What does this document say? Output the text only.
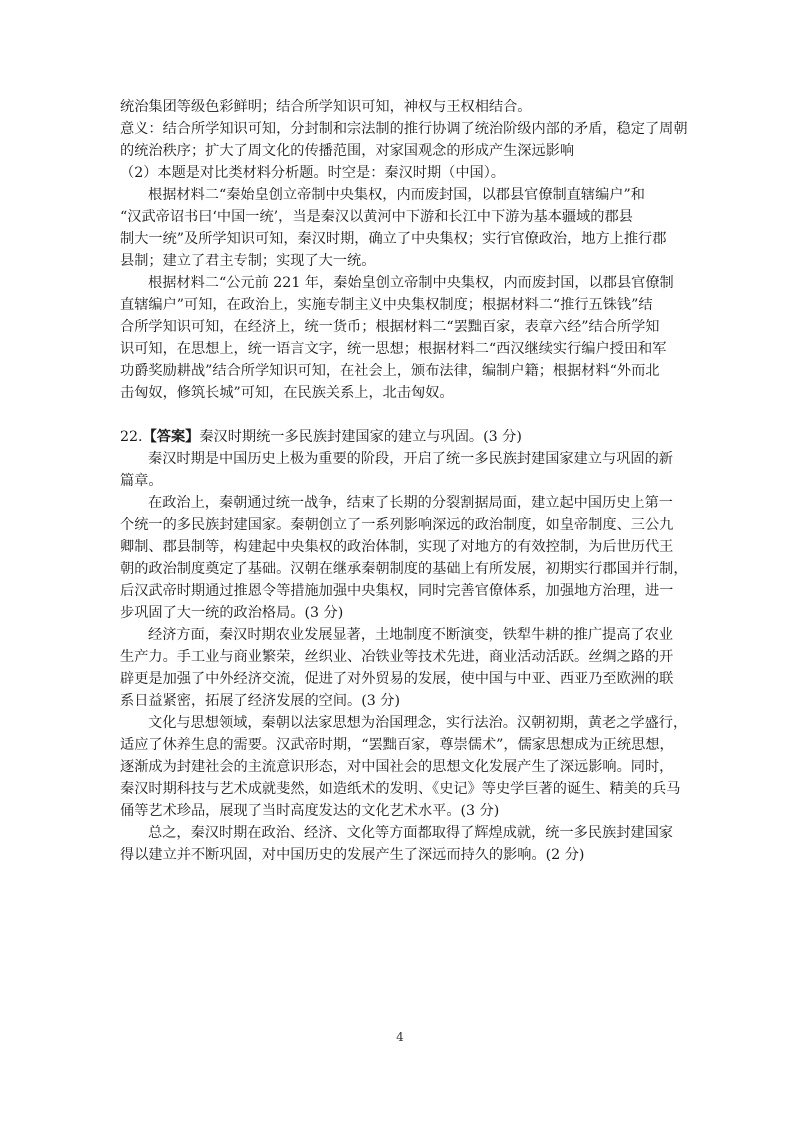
统治集团等级色彩鲜明；结合所学知识可知，神权与王权相结合。

意义：结合所学知识可知，分封制和宗法制的推行协调了统治阶级内部的矛盾，稳定了周朝

的统治秩序；扩大了周文化的传播范围，对家国观念的形成产生深远影响

（2）本题是对比类材料分析题。时空是：秦汉时期（中国）。

根据材料二“秦始皇创立帝制中央集权，内而废封国，以郡县官僚制直辖编户”和

“汉武帝诏书曰‘中国一统’，当是秦汉以黄河中下游和长江中下游为基本疆域的郡县

制大一统”及所学知识可知，秦汉时期，确立了中央集权；实行官僚政治，地方上推行郡

县制；建立了君主专制；实现了大一统。

根据材料二“公元前 221 年，秦始皇创立帝制中央集权，内而废封国，以郡县官僚制

直辖编户”可知，在政治上，实施专制主义中央集权制度；根据材料二“推行五铢钱”结

合所学知识可知，在经济上，统一货币；根据材料二“罢黜百家，表章六经”结合所学知

识可知，在思想上，统一语言文字，统一思想；根据材料二“西汉继续实行编户授田和军

功爵奖励耕战”结合所学知识可知，在社会上，颁布法律，编制户籍；根据材料“外而北

击匈奴，修筑长城”可知，在民族关系上，北击匈奴。

22.【答案】秦汉时期统一多民族封建国家的建立与巩固。(3 分)

秦汉时期是中国历史上极为重要的阶段，开启了统一多民族封建国家建立与巩固的新

篇章。

在政治上，秦朝通过统一战争，结束了长期的分裂割据局面，建立起中国历史上第一

个统一的多民族封建国家。秦朝创立了一系列影响深远的政治制度，如皇帝制度、三公九

卿制、郡县制等，构建起中央集权的政治体制，实现了对地方的有效控制，为后世历代王

朝的政治制度奠定了基础。汉朝在继承秦朝制度的基础上有所发展，初期实行郡国并行制，

后汉武帝时期通过推恩令等措施加强中央集权，同时完善官僚体系，加强地方治理，进一

步巩固了大一统的政治格局。(3 分)

经济方面，秦汉时期农业发展显著，土地制度不断演变，铁犁牛耕的推广提高了农业

生产力。手工业与商业繁荣，丝织业、冶铁业等技术先进，商业活动活跃。丝绸之路的开

辟更是加强了中外经济交流，促进了对外贸易的发展，使中国与中亚、西亚乃至欧洲的联

系日益紧密，拓展了经济发展的空间。(3 分)

文化与思想领域，秦朝以法家思想为治国理念，实行法治。汉朝初期，黄老之学盛行，

适应了休养生息的需要。汉武帝时期，“罢黜百家，尊崇儒术”，儒家思想成为正统思想，

逐渐成为封建社会的主流意识形态，对中国社会的思想文化发展产生了深远影响。同时，

秦汉时期科技与艺术成就斐然，如造纸术的发明、《史记》等史学巨著的诞生、精美的兵马

俑等艺术珍品，展现了当时高度发达的文化艺术水平。(3 分)

总之，秦汉时期在政治、经济、文化等方面都取得了辉煌成就，统一多民族封建国家

得以建立并不断巩固，对中国历史的发展产生了深远而持久的影响。(2 分)

4
